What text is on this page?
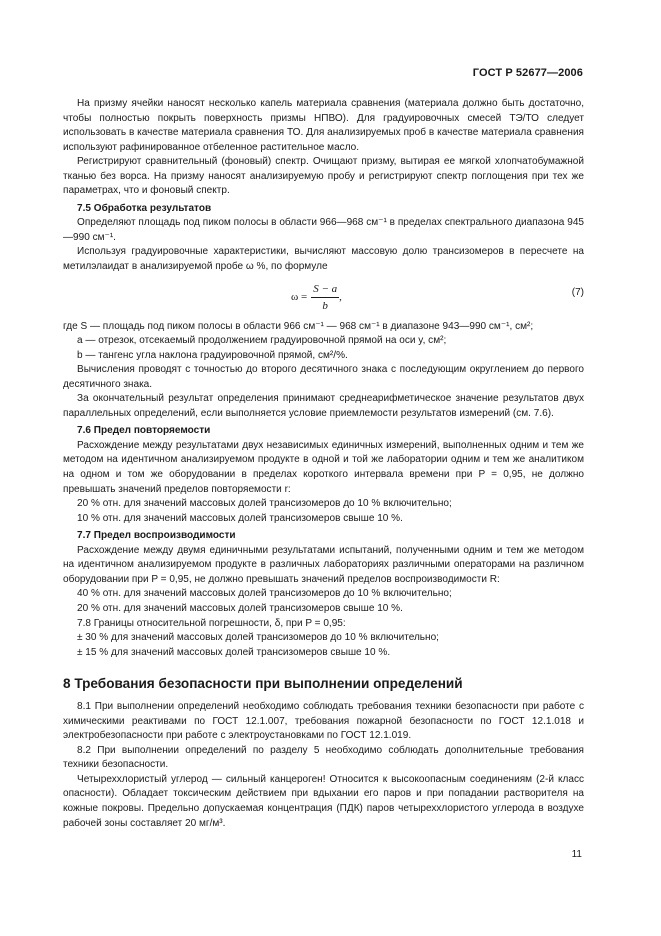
ГОСТ Р 52677—2006

На призму ячейки наносят несколько капель материала сравнения (материала должно быть достаточно, чтобы полностью покрыть поверхность призмы НПВО). Для градуировочных смесей ТЭ/ТО следует использовать в качестве материала сравнения ТО. Для анализируемых проб в качестве материала сравнения используют рафинированное отбеленное растительное масло.

Регистрируют сравнительный (фоновый) спектр. Очищают призму, вытирая ее мягкой хлопчатобумажной тканью без ворса. На призму наносят анализируемую пробу и регистрируют спектр поглощения при тех же параметрах, что и фоновый спектр.

7.5 Обработка результатов

Определяют площадь под пиком полосы в области 966—968 см⁻¹ в пределах спектрального диапазона 945—990 см⁻¹.

Используя градуировочные характеристики, вычисляют массовую долю трансизомеров в пересчете на метилэлаидат в анализируемой пробе ω %, по формуле

$\omega = \frac{S - a}{b}$ ,	(7)

где S — площадь под пиком полосы в области 966 см⁻¹ — 968 см⁻¹ в диапазоне 943—990 см⁻¹, см²;

a — отрезок, отсекаемый продолжением градуировочной прямой на оси y, см²;

b — тангенс угла наклона градуировочной прямой, см²/%.

Вычисления проводят с точностью до второго десятичного знака с последующим округлением до первого десятичного знака.

За окончательный результат определения принимают среднеарифметическое значение результатов двух параллельных определений, если выполняется условие приемлемости результатов измерений (см. 7.6).

7.6 Предел повторяемости

Расхождение между результатами двух независимых единичных измерений, выполненных одним и тем же методом на идентичном анализируемом продукте в одной и той же лаборатории одним и тем же аналитиком на одном и том же оборудовании в пределах короткого интервала времени при P = 0,95, не должно превышать значений пределов повторяемости r:

20 % отн. для значений массовых долей трансизомеров до 10 % включительно;

10 % отн. для значений массовых долей трансизомеров свыше 10 %.

7.7 Предел воспроизводимости

Расхождение между двумя единичными результатами испытаний, полученными одним и тем же методом на идентичном анализируемом продукте в различных лабораториях различными операторами на различном оборудовании при P = 0,95, не должно превышать значений пределов воспроизводимости R:

40 % отн. для значений массовых долей трансизомеров до 10 % включительно;

20 % отн. для значений массовых долей трансизомеров свыше 10 %.

7.8 Границы относительной погрешности, δ, при P = 0,95:

± 30 % для значений массовых долей трансизомеров до 10 % включительно;

± 15 % для значений массовых долей трансизомеров свыше 10 %.

8 Требования безопасности при выполнении определений

8.1 При выполнении определений необходимо соблюдать требования техники безопасности при работе с химическими реактивами по ГОСТ 12.1.007, требования пожарной безопасности по ГОСТ 12.1.018 и электробезопасности при работе с электроустановками по ГОСТ 12.1.019.

8.2 При выполнении определений по разделу 5 необходимо соблюдать дополнительные требования техники безопасности.

Четыреххлористый углерод — сильный канцероген! Относится к высокоопасным соединениям (2-й класс опасности). Обладает токсическим действием при вдыхании его паров и при попадании растворителя на кожные покровы. Предельно допускаемая концентрация (ПДК) паров четыреххлористого углерода в воздухе рабочей зоны составляет 20 мг/м³.

11
